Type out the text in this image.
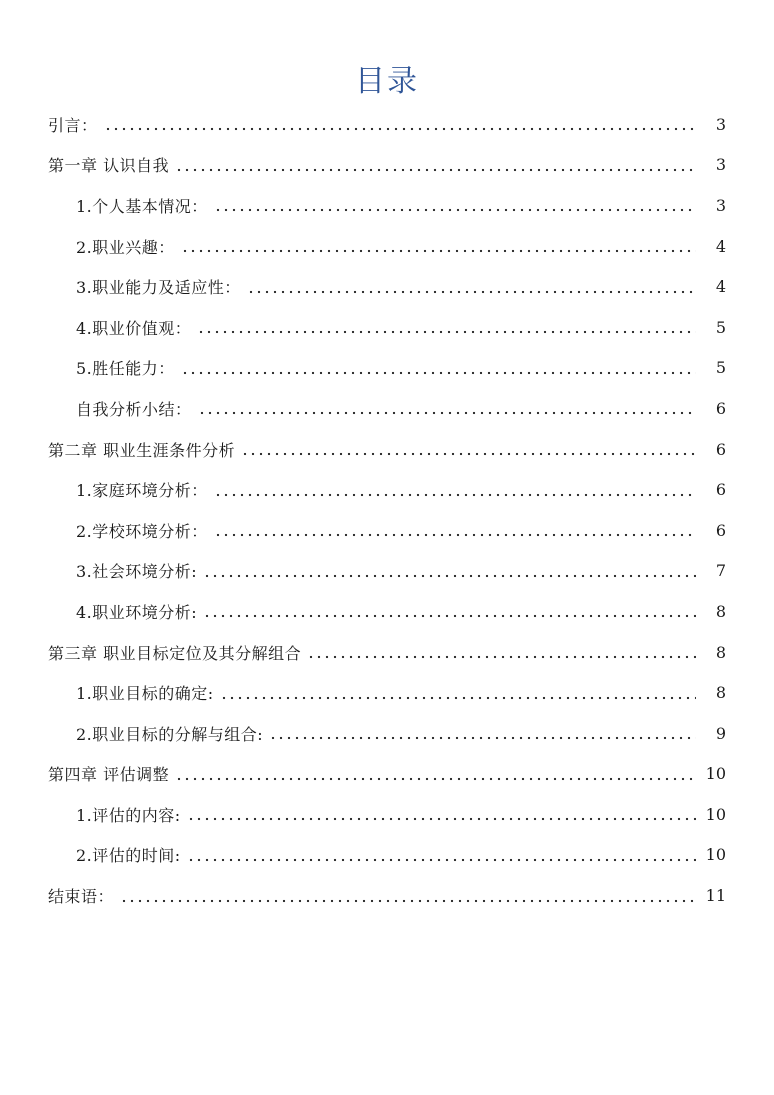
目录
引言：	3
第一章 认识自我	3
1.个人基本情况：	3
2.职业兴趣：	4
3.职业能力及适应性：	4
4.职业价值观：	5
5.胜任能力：	5
自我分析小结：	6
第二章 职业生涯条件分析	6
1.家庭环境分析：	6
2.学校环境分析：	6
3.社会环境分析:	7
4.职业环境分析:	8
第三章 职业目标定位及其分解组合	8
1.职业目标的确定:	8
2.职业目标的分解与组合:	9
第四章 评估调整	10
1.评估的内容:	10
2.评估的时间:	10
结束语：	11
